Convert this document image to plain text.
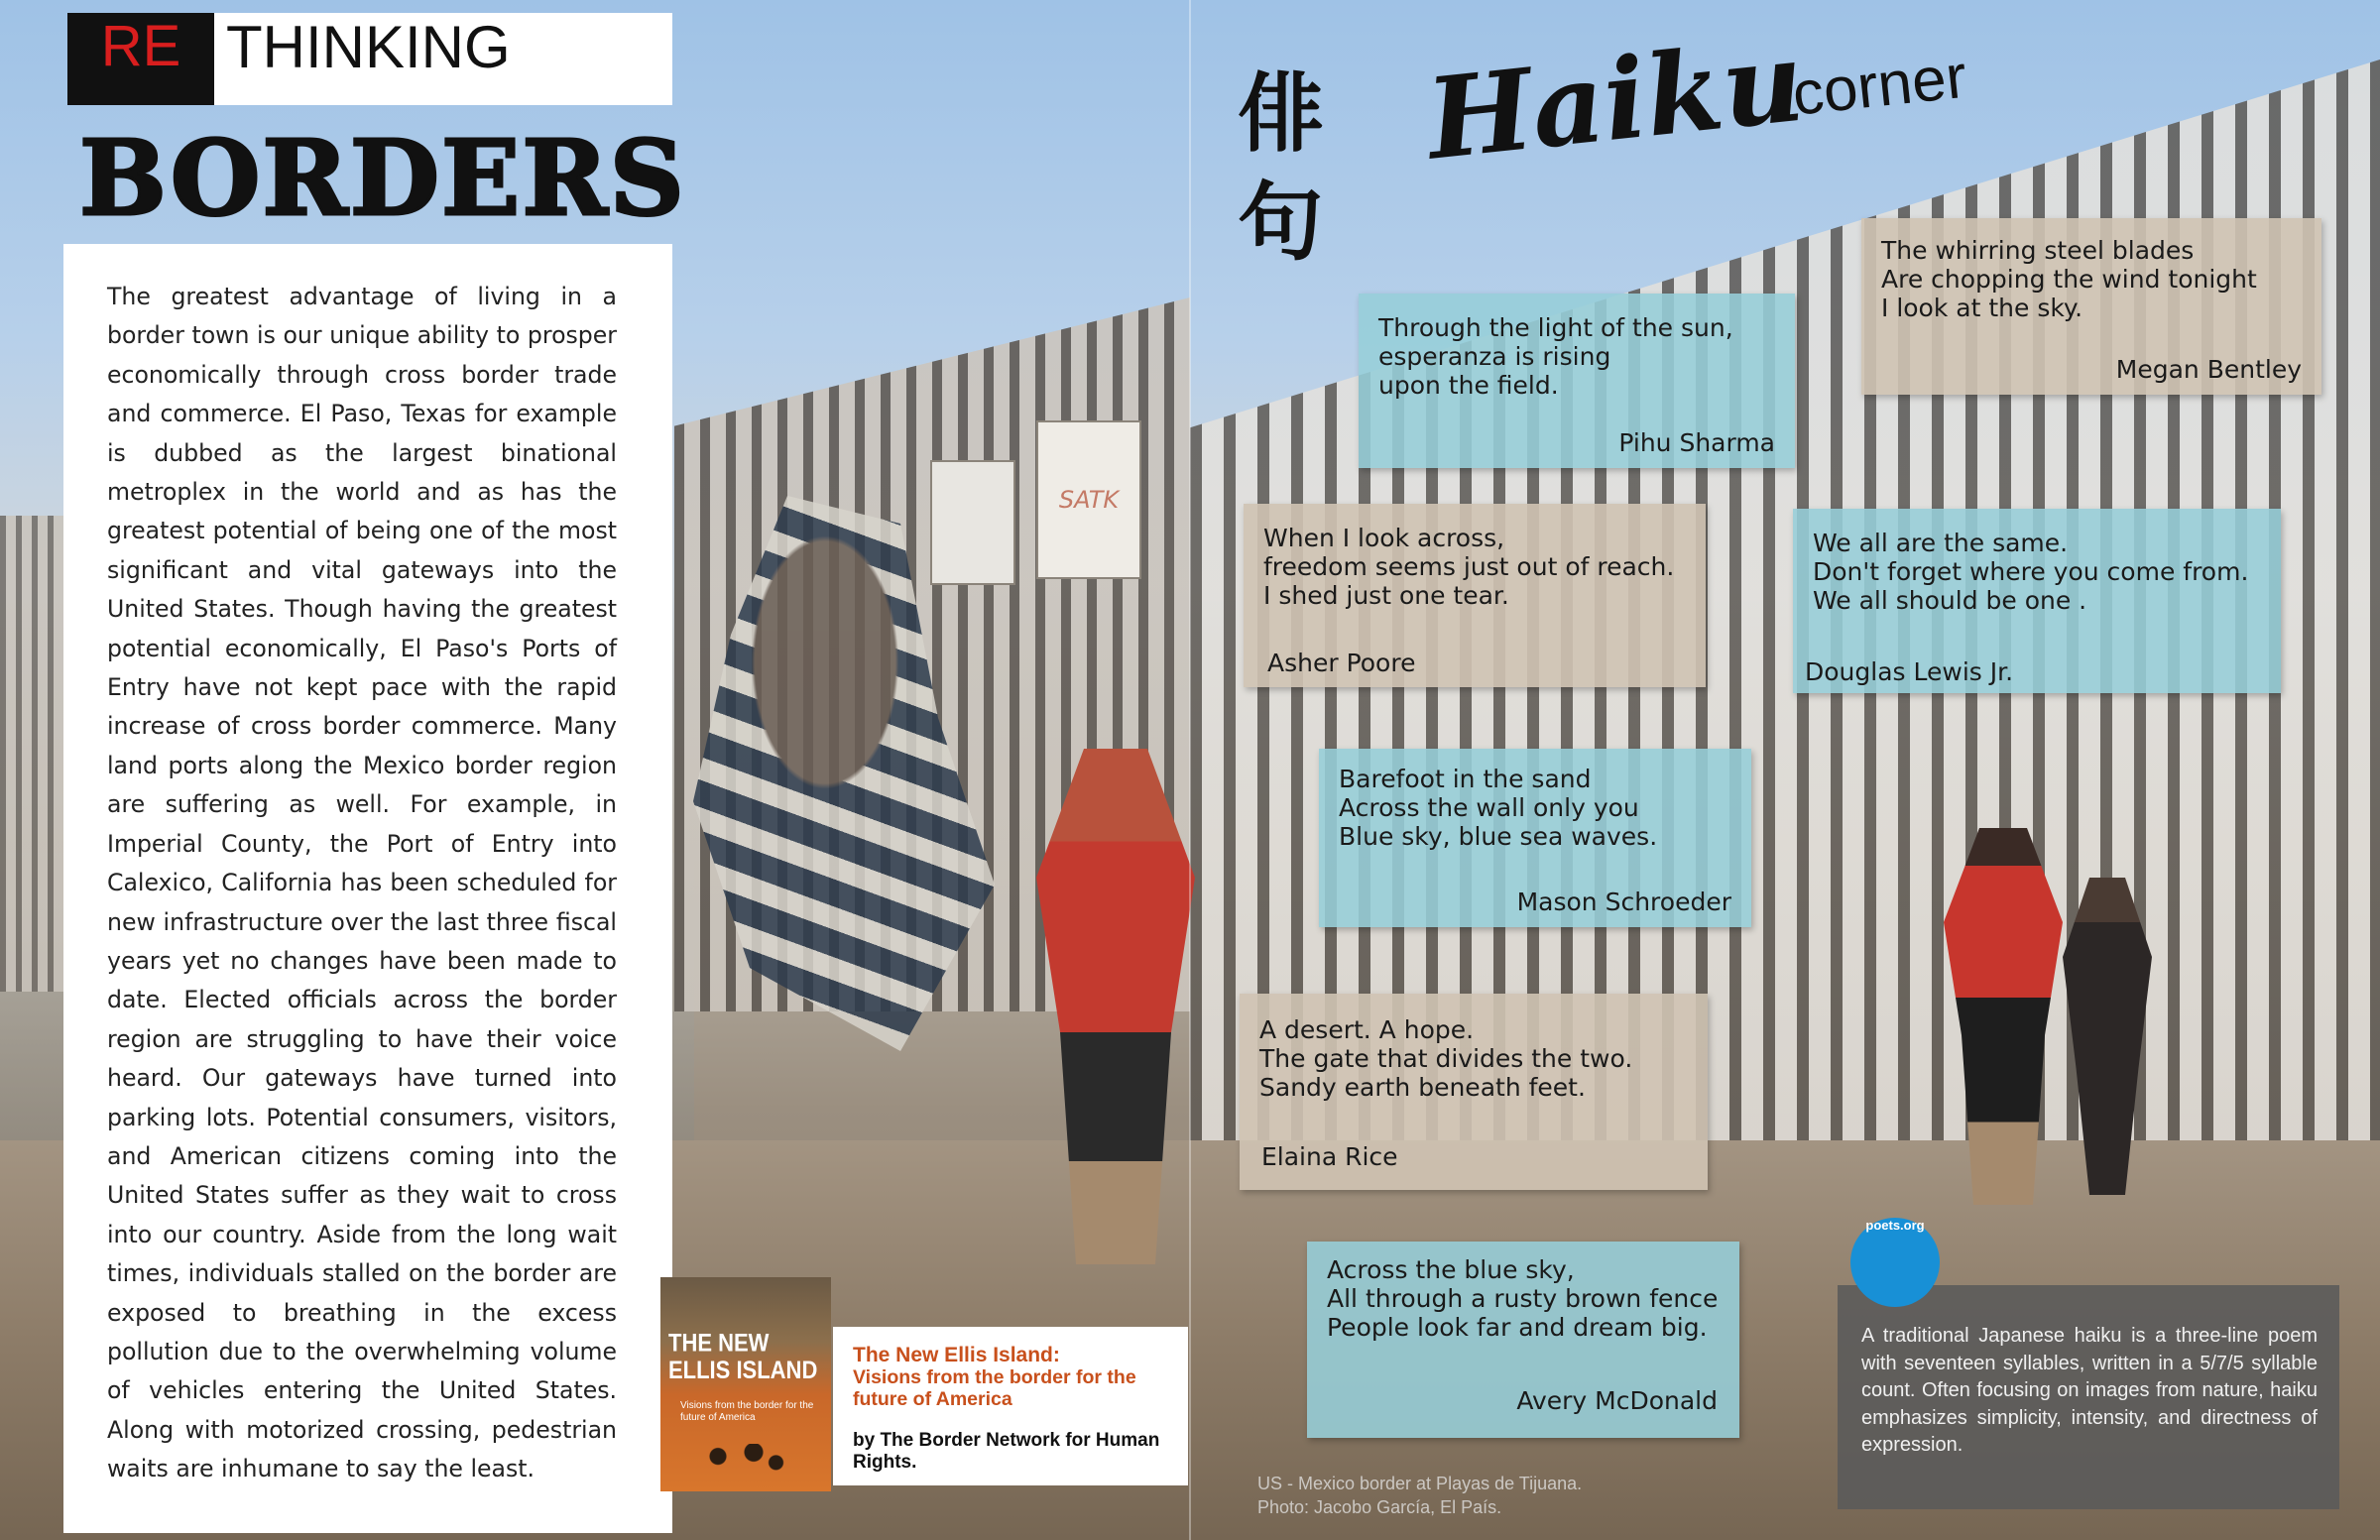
SATK
RE THINKING
BORDERS
The greatest advantage of living in a border town is our unique ability to prosper economically through cross border trade and commerce. El Paso, Texas for example is dubbed as the largest binational metroplex in the world and as has the greatest potential of being one of the most significant and vital gateways into the United States. Though having the greatest potential economically, El Paso's Ports of Entry have not kept pace with the rapid increase of cross border commerce. Many land ports along the Mexico border region are suffering as well. For example, in Imperial County, the Port of Entry into Calexico, California has been scheduled for new infrastructure over the last three fiscal years yet no changes have been made to date. Elected officials across the border region are struggling to have their voice heard. Our gateways have turned into parking lots. Potential consumers, visitors, and American citizens coming into the United States suffer as they wait to cross into our country. Aside from the long wait times, individuals stalled on the border are exposed to breathing in the excess pollution due to the overwhelming volume of vehicles entering the United States. Along with motorized crossing, pedestrian waits are inhumane to say the least.
THE NEW ELLIS ISLAND
Visions from the border for the future of America
The New Ellis Island:
Visions from the border for the future of America
by The Border Network for Human Rights.
俳句
Haiku
corner
Through the light of the sun,
esperanza is rising
upon the field.
Pihu Sharma
The whirring steel blades
Are chopping the wind tonight
I look at the sky.
Megan Bentley
When I look across,
freedom seems just out of reach.
I shed just one tear.
Asher Poore
We all are the same.
Don't forget where you come from.
We all should be one .
Douglas Lewis Jr.
Barefoot in the sand
Across the wall only you
Blue sky, blue sea waves.
Mason Schroeder
A desert. A hope.
The gate that divides the two.
Sandy earth beneath feet.
Elaina Rice
Across the blue sky,
All through a rusty brown fence
People look far and dream big.
Avery McDonald
A traditional Japanese haiku is a three-line poem with seventeen syllables, written in a 5/7/5 syllable count. Often focusing on images from nature, haiku emphasizes simplicity, intensity, and directness of expression.
poets.org
US - Mexico border at Playas de Tijuana.
Photo: Jacobo García, El País.
